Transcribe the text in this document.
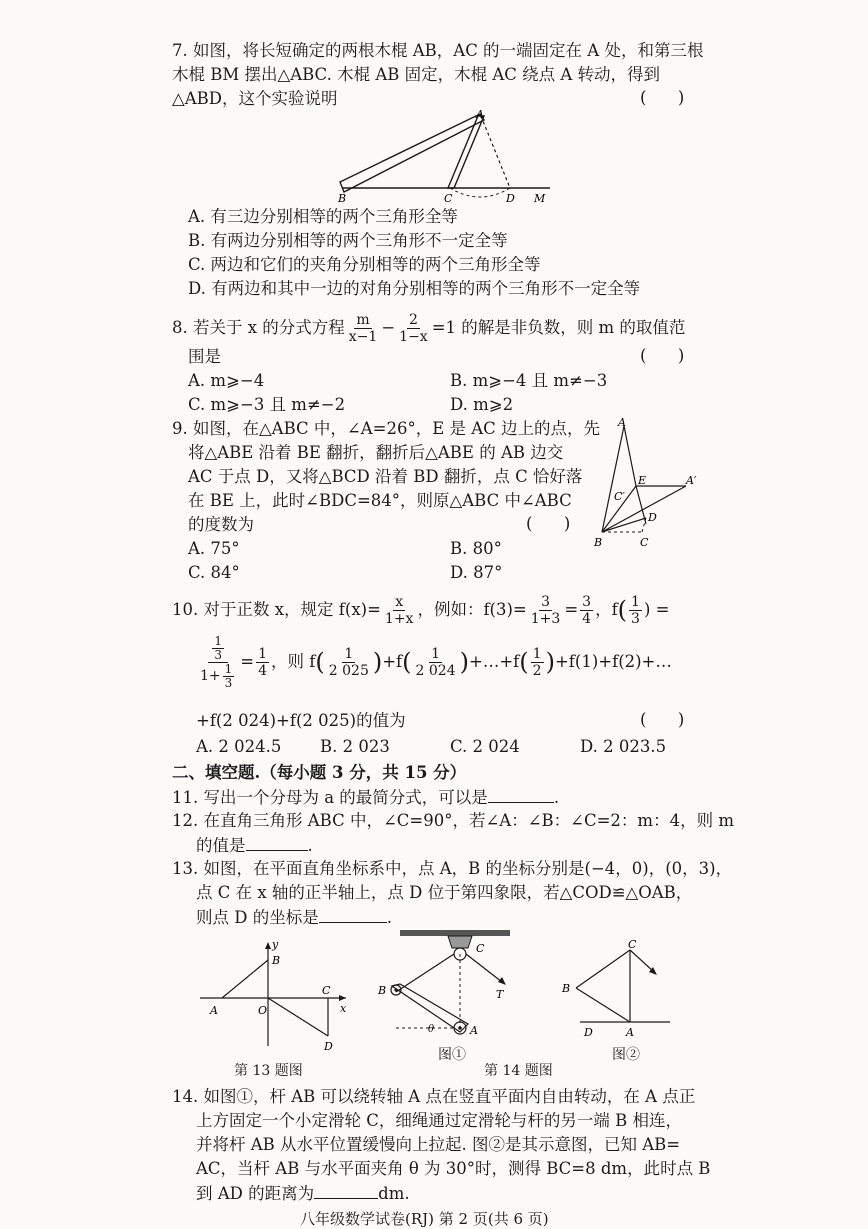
7. 如图，将长短确定的两根木棍 AB，AC 的一端固定在 A 处，和第三根
木棍 BM 摆出△ABC. 木棍 AB 固定，木棍 AC 绕点 A 转动，得到
△ABD，这个实验说明	(      )
A
B	C	D M
A. 有三边分别相等的两个三角形全等
B. 有两边分别相等的两个三角形不一定全等
C. 两边和它们的夹角分别相等的两个三角形全等
D. 有两边和其中一边的对角分别相等的两个三角形不一定全等
8. 若关于 x 的分式方程 $\frac{m}{x-1} - \frac{2}{1-x} =1$ 的解是非负数，则 m 的取值范
围是	(      )
A. m⩾−4	B. m⩾−4 且 m≠−3
C. m⩾−3 且 m≠−2	D. m⩾2
9. 如图，在△ABC 中，∠A=26°，E 是 AC 边上的点，先
将△ABE 沿着 BE 翻折，翻折后△ABE 的 AB 边交
AC 于点 D，又将△BCD 沿着 BD 翻折，点 C 恰好落
在 BE 上，此时∠BDC=84°，则原△ABC 中∠ABC
的度数为	(      )
A. 75°	B. 80°
C. 84°	D. 87°
A
E	A′
C′
D
B	C
10. 对于正数 x，规定 $f(x)= \frac{x}{1+x}$ ，例如：$f(3)= \frac{3}{1+3} = \frac{3}{4}$ ，f ( $\frac{1}{3}$ ) =
$\frac{\frac{1}{3}}{1+ \frac{1}{3}} = \frac{1}{4}$ ，则 f ( $\frac{1}{2 025}$ ) +f ( $\frac{1}{2 024}$ ) +…+f ( $\frac{1}{2}$ ) +f(1)+f(2)+…
+f(2 024)+f(2 025)的值为	(      )
A. 2 024.5 B. 2 023	C. 2 024	D. 2 023.5
二、填空题.（每小题 3 分，共 15 分）
11. 写出一个分母为 a 的最简分式，可以是	.
12. 在直角三角形 ABC 中，∠C=90°，若∠A：∠B：∠C=2：m：4，则 m
的值是	.
13. 如图，在平面直角坐标系中，点 A，B 的坐标分别是(−4，0)，(0，3)，
点 C 在 x 轴的正半轴上，点 D 位于第四象限，若△COD≌△OAB，
则点 D 的坐标是	.
y
B
A	O
C
x
D
第 13 题图
C
T
B
θ	A
图①
第 14 题图
C
B
D	A
图②
14. 如图①，杆 AB 可以绕转轴 A 点在竖直平面内自由转动，在 A 点正
上方固定一个小定滑轮 C，细绳通过定滑轮与杆的另一端 B 相连，
并将杆 AB 从水平位置缓慢向上拉起. 图②是其示意图，已知 AB=
AC，当杆 AB 与水平面夹角 θ 为 30°时，测得 BC=8 dm，此时点 B
到 AD 的距离为	dm.
八年级数学试卷(RJ) 第 2 页(共 6 页)
